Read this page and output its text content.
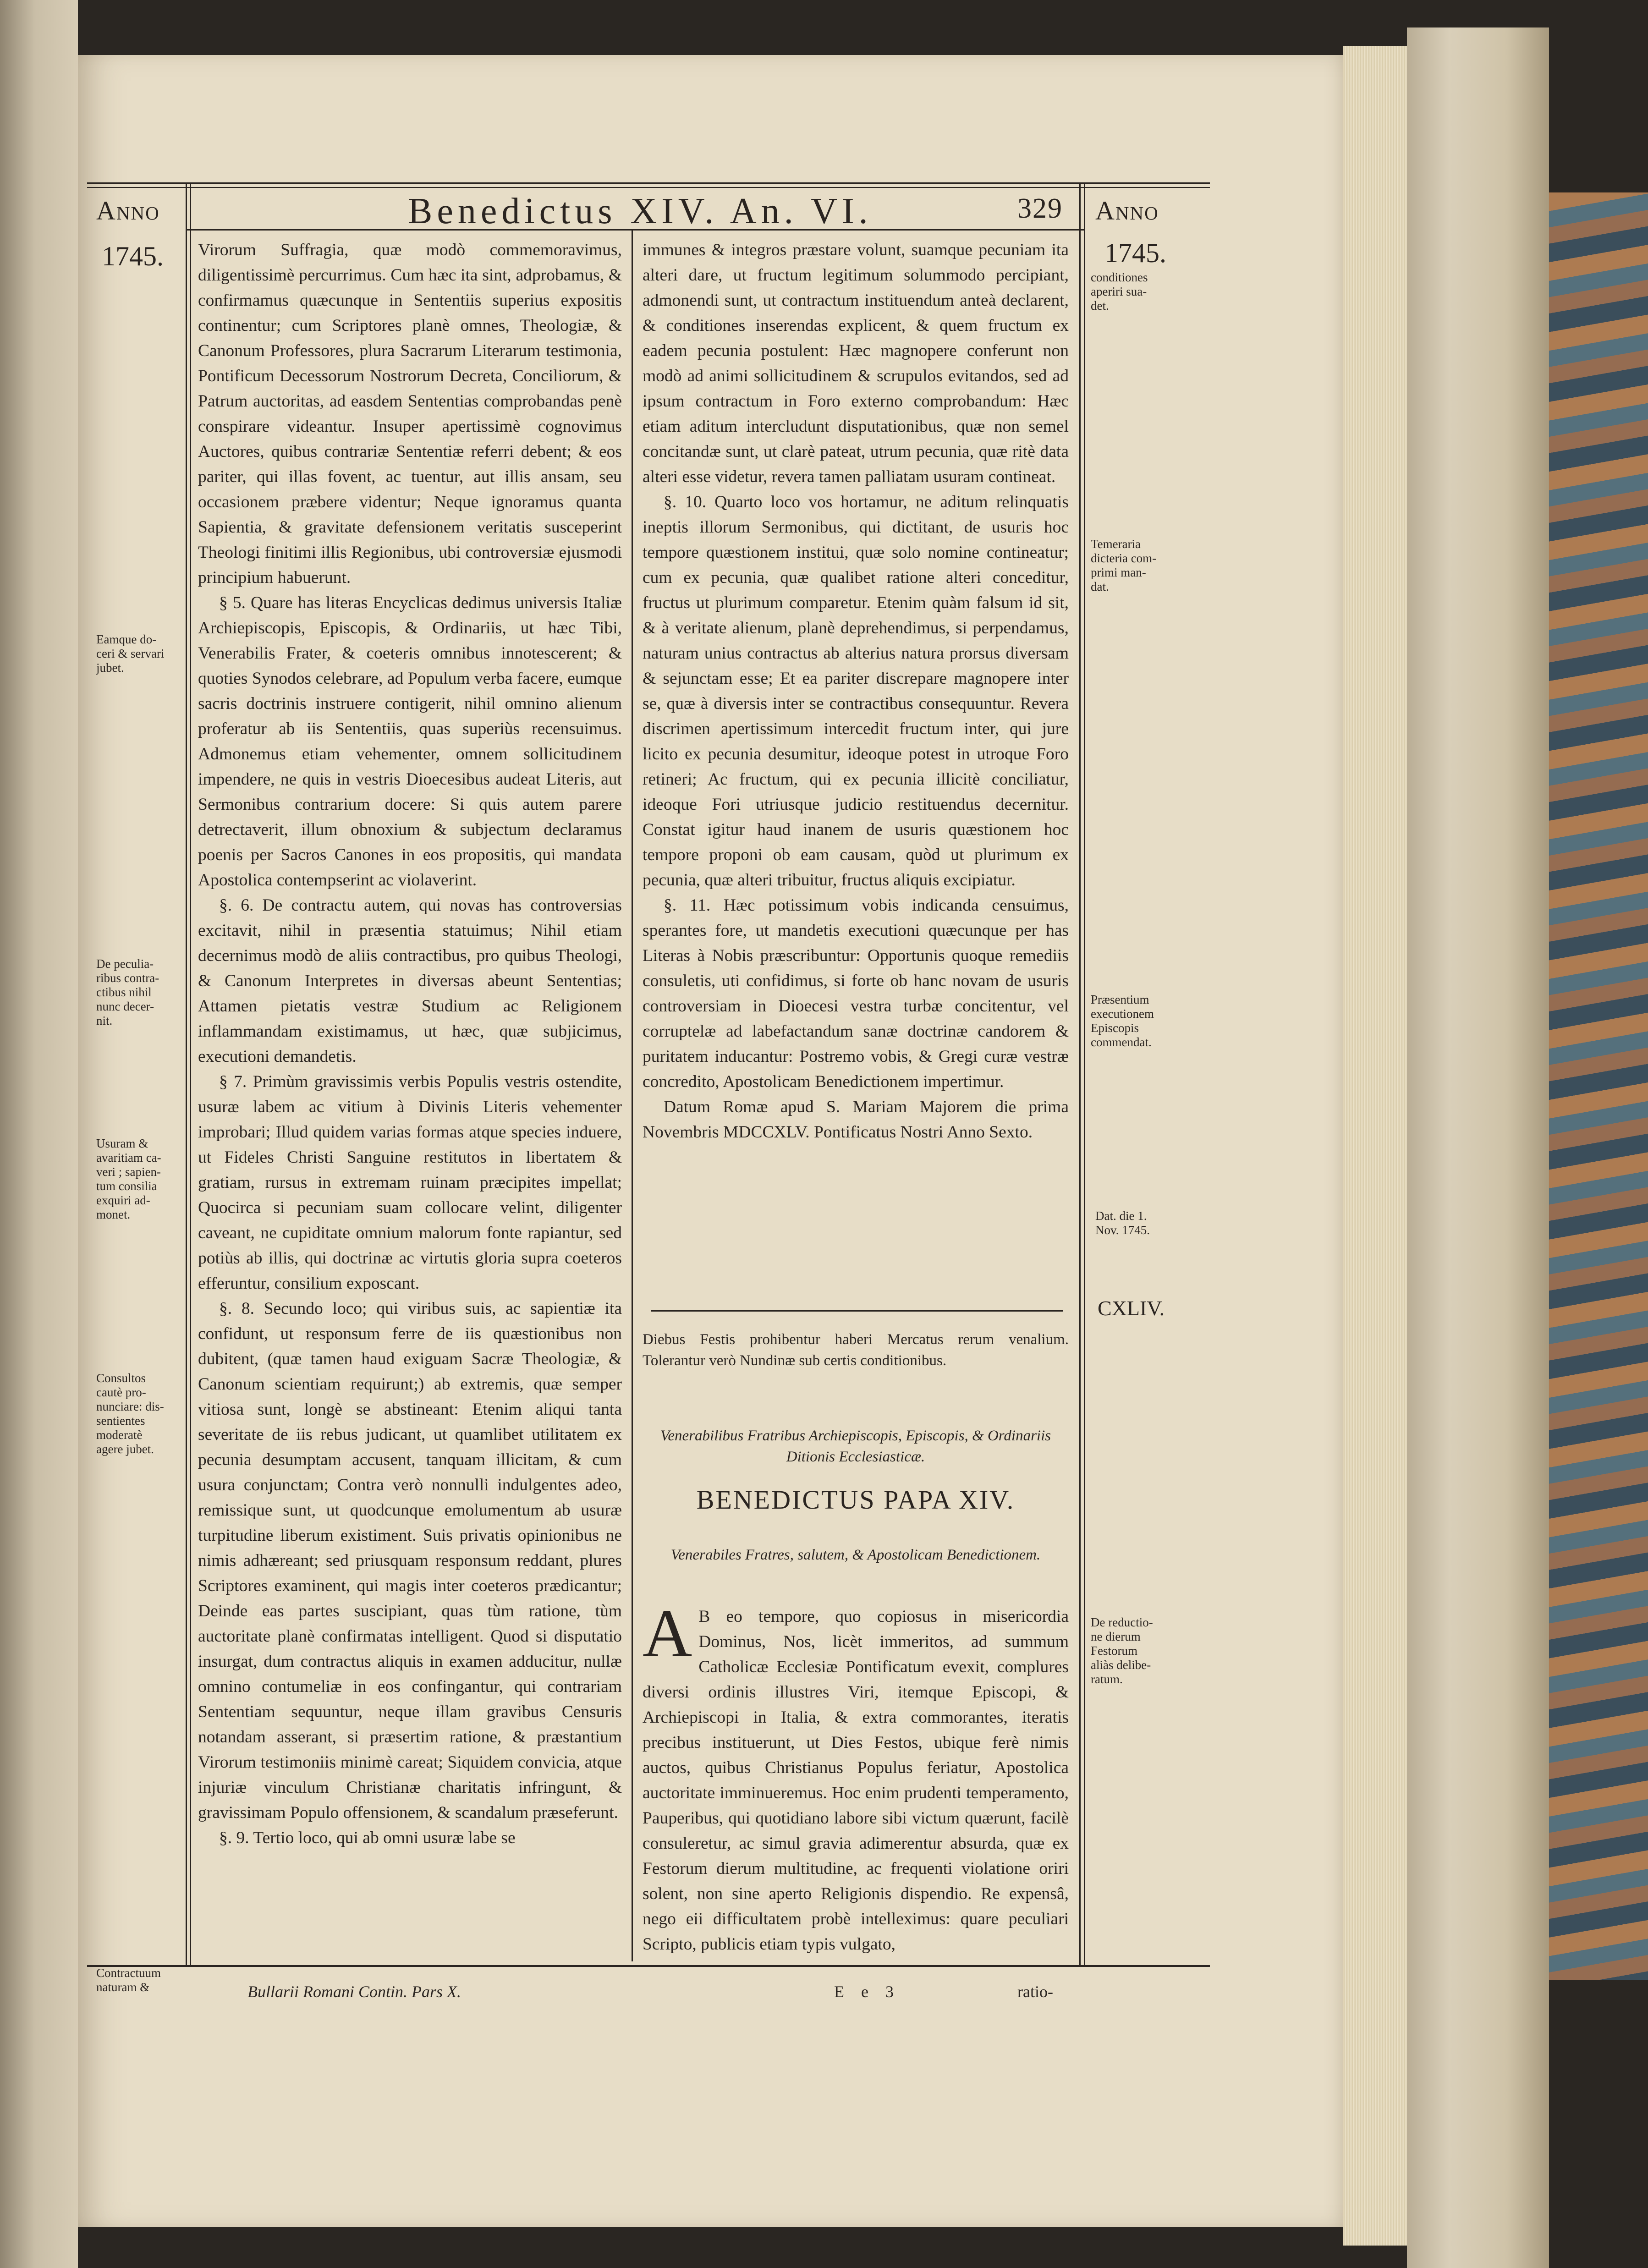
Anno
1745.
Benedictus XIV. An. VI.	329 Anno
1745.
Eamque do-
ceri & servari
jubet.
De peculia-
ribus contra-
ctibus nihil
nunc decer-
nit.
Usuram &
avaritiam ca-
veri ; sapien-
tum consilia
exquiri ad-
monet.
Consultos
cautè pro-
nunciare: dis-
sentientes
moderatè
agere jubet.
Contractuum
naturam &
conditiones
aperiri sua-
det.
Temeraria
dicteria com-
primi man-
dat.
Præsentium
executionem
Episcopis
commendat.
Dat. die 1.
Nov. 1745.
CXLIV.
De reductio-
ne dierum
Festorum
aliàs delibe-
ratum.

Virorum Suffragia, quæ modò commemoravimus, diligentissimè percurrimus. Cum hæc ita sint, adprobamus, & confirmamus quæcunque in Sententiis superius expositis continentur; cum Scriptores planè omnes, Theologiæ, & Canonum Professores, plura Sacrarum Literarum testimonia, Pontificum Decessorum Nostrorum Decreta, Conciliorum, & Patrum auctoritas, ad easdem Sententias comprobandas penè conspirare videantur. Insuper apertissimè cognovimus Auctores, quibus contrariæ Sententiæ referri debent; & eos pariter, qui illas fovent, ac tuentur, aut illis ansam, seu occasionem præbere videntur; Neque ignoramus quanta Sapientia, & gravitate defensionem veritatis susceperint Theologi finitimi illis Regionibus, ubi controversiæ ejusmodi principium habuerunt.

§ 5. Quare has literas Encyclicas dedimus universis Italiæ Archiepiscopis, Episcopis, & Ordinariis, ut hæc Tibi, Venerabilis Frater, & coeteris omnibus innotescerent; & quoties Synodos celebrare, ad Populum verba facere, eumque sacris doctrinis instruere contigerit, nihil omnino alienum proferatur ab iis Sententiis, quas superiùs recensuimus. Admonemus etiam vehementer, omnem sollicitudinem impendere, ne quis in vestris Dioecesibus audeat Literis, aut Sermonibus contrarium docere: Si quis autem parere detrectaverit, illum obnoxium & subjectum declaramus poenis per Sacros Canones in eos propositis, qui mandata Apostolica contempserint ac violaverint.

§. 6. De contractu autem, qui novas has controversias excitavit, nihil in præsentia statuimus; Nihil etiam decernimus modò de aliis contractibus, pro quibus Theologi, & Canonum Interpretes in diversas abeunt Sententias; Attamen pietatis vestræ Studium ac Religionem inflammandam existimamus, ut hæc, quæ subjicimus, executioni demandetis.

§ 7. Primùm gravissimis verbis Populis vestris ostendite, usuræ labem ac vitium à Divinis Literis vehementer improbari; Illud quidem varias formas atque species induere, ut Fideles Christi Sanguine restitutos in libertatem & gratiam, rursus in extremam ruinam præcipites impellat; Quocirca si pecuniam suam collocare velint, diligenter caveant, ne cupiditate omnium malorum fonte rapiantur, sed potiùs ab illis, qui doctrinæ ac virtutis gloria supra coeteros efferuntur, consilium exposcant.

§. 8. Secundo loco; qui viribus suis, ac sapientiæ ita confidunt, ut responsum ferre de iis quæstionibus non dubitent, (quæ tamen haud exiguam Sacræ Theologiæ, & Canonum scientiam requirunt;) ab extremis, quæ semper vitiosa sunt, longè se abstineant: Etenim aliqui tanta severitate de iis rebus judicant, ut quamlibet utilitatem ex pecunia desumptam accusent, tanquam illicitam, & cum usura conjunctam; Contra verò nonnulli indulgentes adeo, remissique sunt, ut quodcunque emolumentum ab usuræ turpitudine liberum existiment. Suis privatis opinionibus ne nimis adhæreant; sed priusquam responsum reddant, plures Scriptores examinent, qui magis inter coeteros prædicantur; Deinde eas partes suscipiant, quas tùm ratione, tùm auctoritate planè confirmatas intelligent. Quod si disputatio insurgat, dum contractus aliquis in examen adducitur, nullæ omnino contumeliæ in eos confingantur, qui contrariam Sententiam sequuntur, neque illam gravibus Censuris notandam asserant, si præsertim ratione, & præstantium Virorum testimoniis minimè careat; Siquidem convicia, atque injuriæ vinculum Christianæ charitatis infringunt, & gravissimam Populo offensionem, & scandalum præseferunt.

§. 9. Tertio loco, qui ab omni usuræ labe se

immunes & integros præstare volunt, suamque pecuniam ita alteri dare, ut fructum legitimum solummodo percipiant, admonendi sunt, ut contractum instituendum anteà declarent, & conditiones inserendas explicent, & quem fructum ex eadem pecunia postulent: Hæc magnopere conferunt non modò ad animi sollicitudinem & scrupulos evitandos, sed ad ipsum contractum in Foro externo comprobandum: Hæc etiam aditum intercludunt disputationibus, quæ non semel concitandæ sunt, ut clarè pateat, utrum pecunia, quæ ritè data alteri esse videtur, revera tamen palliatam usuram contineat.

§. 10. Quarto loco vos hortamur, ne aditum relinquatis ineptis illorum Sermonibus, qui dictitant, de usuris hoc tempore quæstionem institui, quæ solo nomine contineatur; cum ex pecunia, quæ qualibet ratione alteri conceditur, fructus ut plurimum comparetur. Etenim quàm falsum id sit, & à veritate alienum, planè deprehendimus, si perpendamus, naturam unius contractus ab alterius natura prorsus diversam & sejunctam esse; Et ea pariter discrepare magnopere inter se, quæ à diversis inter se contractibus consequuntur. Revera discrimen apertissimum intercedit fructum inter, qui jure licito ex pecunia desumitur, ideoque potest in utroque Foro retineri; Ac fructum, qui ex pecunia illicitè conciliatur, ideoque Fori utriusque judicio restituendus decernitur. Constat igitur haud inanem de usuris quæstionem hoc tempore proponi ob eam causam, quòd ut plurimum ex pecunia, quæ alteri tribuitur, fructus aliquis excipiatur.

§. 11. Hæc potissimum vobis indicanda censuimus, sperantes fore, ut mandetis executioni quæcunque per has Literas à Nobis præscribuntur: Opportunis quoque remediis consuletis, uti confidimus, si forte ob hanc novam de usuris controversiam in Dioecesi vestra turbæ concitentur, vel corruptelæ ad labefactandum sanæ doctrinæ candorem & puritatem inducantur: Postremo vobis, & Gregi curæ vestræ concredito, Apostolicam Benedictionem impertimur.

Datum Romæ apud S. Mariam Majorem die prima Novembris MDCCXLV. Pontificatus Nostri Anno Sexto.

Diebus Festis prohibentur haberi Mercatus rerum venalium. Tolerantur verò Nundinæ sub certis conditionibus.
Venerabilibus Fratribus Archiepiscopis, Episcopis, & Ordinariis Ditionis Ecclesiasticæ.
BENEDICTUS PAPA XIV.
Venerabiles Fratres, salutem, & Apostolicam Benedictionem.
A B eo tempore, quo copiosus in misericordia Dominus, Nos, licèt immeritos, ad summum Catholicæ Ecclesiæ Pontificatum evexit, complures diversi ordinis illustres Viri, itemque Episcopi, & Archiepiscopi in Italia, & extra commorantes, iteratis precibus instituerunt, ut Dies Festos, ubique ferè nimis auctos, quibus Christianus Populus feriatur, Apostolica auctoritate imminueremus. Hoc enim prudenti temperamento, Pauperibus, qui quotidiano labore sibi victum quærunt, facilè consuleretur, ac simul gravia adimerentur absurda, quæ ex Festorum dierum multitudine, ac frequenti violatione oriri solent, non sine aperto Religionis dispendio. Re expensâ, nego eii difficultatem probè intelleximus: quare peculiari Scripto, publicis etiam typis vulgato,
Bullarii Romani Contin. Pars X.	E e 3	ratio-
